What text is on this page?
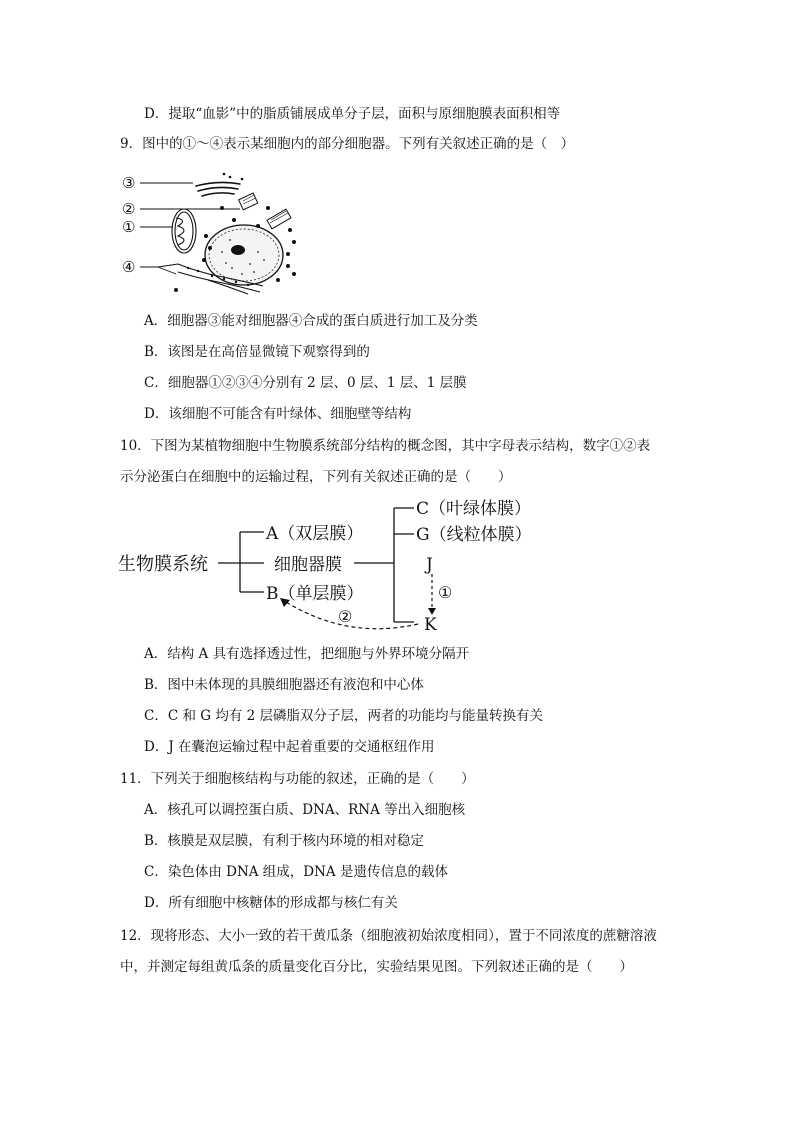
D．提取“血影”中的脂质铺展成单分子层，面积与原细胞膜表面积相等
9．图中的①～④表示某细胞内的部分细胞器。下列有关叙述正确的是（　）
③
②
①
④
A．细胞器③能对细胞器④合成的蛋白质进行加工及分类
B．该图是在高倍显微镜下观察得到的
C．细胞器①②③④分别有 2 层、0 层、1 层、1 层膜
D．该细胞不可能含有叶绿体、细胞壁等结构
10．下图为某植物细胞中生物膜系统部分结构的概念图，其中字母表示结构，数字①②表
示分泌蛋白在细胞中的运输过程，下列有关叙述正确的是（　　）
生物膜系统
A（双层膜）
细胞器膜
B（单层膜）
C（叶绿体膜）
G（线粒体膜）
J
K
①
②
A．结构 A 具有选择透过性，把细胞与外界环境分隔开
B．图中未体现的具膜细胞器还有液泡和中心体
C．C 和 G 均有 2 层磷脂双分子层，两者的功能均与能量转换有关
D．J 在囊泡运输过程中起着重要的交通枢纽作用
11．下列关于细胞核结构与功能的叙述，正确的是（　　）
A．核孔可以调控蛋白质、DNA、RNA 等出入细胞核
B．核膜是双层膜，有利于核内环境的相对稳定
C．染色体由 DNA 组成，DNA 是遗传信息的载体
D．所有细胞中核糖体的形成都与核仁有关
12．现将形态、大小一致的若干黄瓜条（细胞液初始浓度相同），置于不同浓度的蔗糖溶液
中，并测定每组黄瓜条的质量变化百分比，实验结果见图。下列叙述正确的是（　　）
